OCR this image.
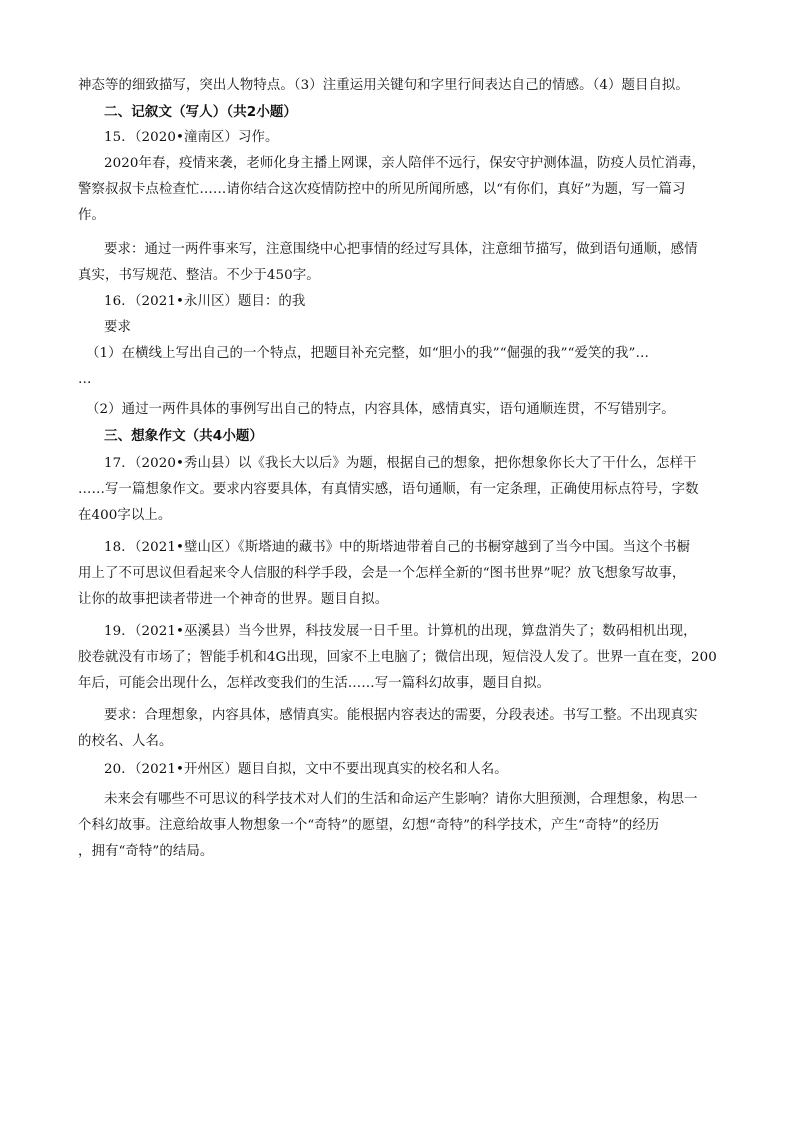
神态等的细致描写，突出人物特点。（3）注重运用关键句和字里行间表达自己的情感。（4）题目自拟。

二、记叙文（写人）（共2小题）

15．（2020•潼南区）习作。

2020年春，疫情来袭，老师化身主播上网课，亲人陪伴不远行，保安守护测体温，防疫人员忙消毒，

警察叔叔卡点检查忙……请你结合这次疫情防控中的所见所闻所感，以“有你们，真好”为题，写一篇习
作。

要求：通过一两件事来写，注意围绕中心把事情的经过写具体，注意细节描写，做到语句通顺，感情

真实，书写规范、整洁。不少于450字。

16．（2021•永川区）题目：的我

要求

（1）在横线上写出自己的一个特点，把题目补充完整，如“胆小的我”“倔强的我”“爱笑的我”…

…

（2）通过一两件具体的事例写出自己的特点，内容具体，感情真实，语句通顺连贯，不写错别字。

三、想象作文（共4小题）

17．（2020•秀山县）以《我长大以后》为题，根据自己的想象，把你想象你长大了干什么，怎样干

……写一篇想象作文。要求内容要具体，有真情实感，语句通顺，有一定条理，正确使用标点符号，字数
在400字以上。

18．（2021•璧山区）《斯塔迪的藏书》中的斯塔迪带着自己的书橱穿越到了当今中国。当这个书橱

用上了不可思议但看起来令人信服的科学手段，会是一个怎样全新的“图书世界”呢？放飞想象写故事，
让你的故事把读者带进一个神奇的世界。题目自拟。

19．（2021•巫溪县）当今世界，科技发展一日千里。计算机的出现，算盘消失了；数码相机出现，

胶卷就没有市场了；智能手机和4G出现，回家不上电脑了；微信出现，短信没人发了。世界一直在变，200
年后，可能会出现什么，怎样改变我们的生活……写一篇科幻故事，题目自拟。

要求：合理想象，内容具体，感情真实。能根据内容表达的需要，分段表述。书写工整。不出现真实

的校名、人名。

20．（2021•开州区）题目自拟，文中不要出现真实的校名和人名。

未来会有哪些不可思议的科学技术对人们的生活和命运产生影响？请你大胆预测，合理想象，构思一

个科幻故事。注意给故事人物想象一个“奇特”的愿望，幻想“奇特”的科学技术，产生“奇特”的经历
，拥有“奇特”的结局。
